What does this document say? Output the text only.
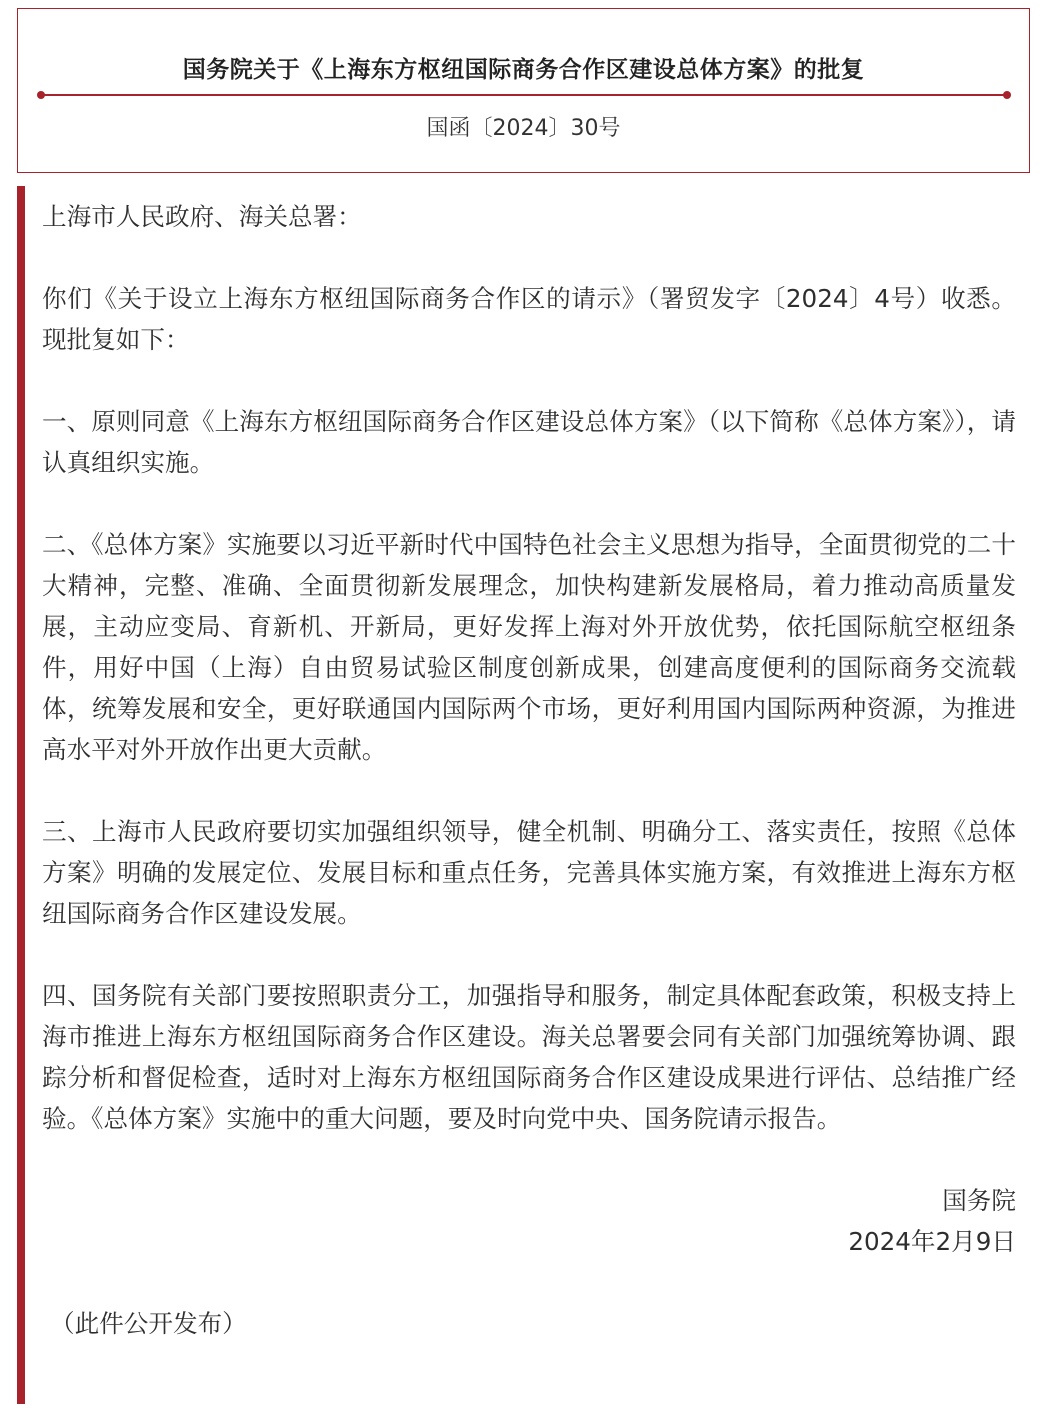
国务院关于《上海东方枢纽国际商务合作区建设总体方案》的批复
国函〔2024〕30号

上海市人民政府、海关总署：

你们《关于设立上海东方枢纽国际商务合作区的请示》（署贸发字〔2024〕4号）收悉。现批复如下：

一、原则同意《上海东方枢纽国际商务合作区建设总体方案》（以下简称《总体方案》），请认真组织实施。

二、《总体方案》实施要以习近平新时代中国特色社会主义思想为指导，全面贯彻党的二十大精神，完整、准确、全面贯彻新发展理念，加快构建新发展格局，着力推动高质量发展，主动应变局、育新机、开新局，更好发挥上海对外开放优势，依托国际航空枢纽条件，用好中国（上海）自由贸易试验区制度创新成果，创建高度便利的国际商务交流载体，统筹发展和安全，更好联通国内国际两个市场，更好利用国内国际两种资源，为推进高水平对外开放作出更大贡献。

三、上海市人民政府要切实加强组织领导，健全机制、明确分工、落实责任，按照《总体方案》明确的发展定位、发展目标和重点任务，完善具体实施方案，有效推进上海东方枢纽国际商务合作区建设发展。

四、国务院有关部门要按照职责分工，加强指导和服务，制定具体配套政策，积极支持上海市推进上海东方枢纽国际商务合作区建设。海关总署要会同有关部门加强统筹协调、跟踪分析和督促检查，适时对上海东方枢纽国际商务合作区建设成果进行评估、总结推广经验。《总体方案》实施中的重大问题，要及时向党中央、国务院请示报告。

国务院
2024年2月9日
（此件公开发布）
